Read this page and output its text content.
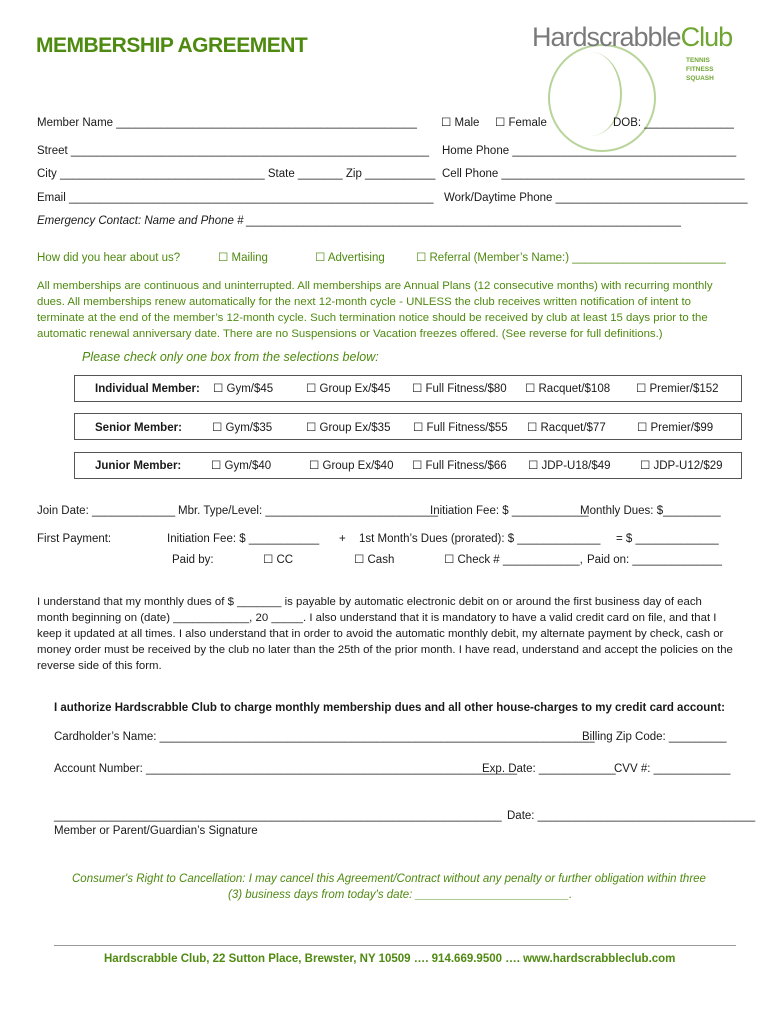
MEMBERSHIP AGREEMENT	HardscrabbleClub
TENNIS
FITNESS
SQUASH
Member Name _______________________________________________ ☐ Male ☐ Female	DOB: ______________
Street ________________________________________________________ Home Phone ___________________________________
City ________________________________ State _______ Zip ___________ Cell Phone ______________________________________
Email _________________________________________________________ Work/Daytime Phone ______________________________
Emergency Contact: Name and Phone # ____________________________________________________________________
How did you hear about us?	☐ Mailing	☐ Advertising	☐ Referral (Member’s Name:) ________________________
All memberships are continuous and uninterrupted. All memberships are Annual Plans (12 consecutive months) with recurring monthly dues. All memberships renew automatically for the next 12-month cycle - UNLESS the club receives written notification of intent to terminate at the end of the member’s 12-month cycle. Such termination notice should be received by club at least 15 days prior to the automatic renewal anniversary date. There are no Suspensions or Vacation freezes offered. (See reverse for full definitions.)
Please check only one box from the selections below:
Individual Member: ☐ Gym/$45	☐ Group Ex/$45 ☐ Full Fitness/$80 ☐ Racquet/$108 ☐ Premier/$152
Senior Member:	☐ Gym/$35	☐ Group Ex/$35 ☐ Full Fitness/$55 ☐ Racquet/$77	☐ Premier/$99
Junior Member:	☐ Gym/$40	☐ Group Ex/$40 ☐ Full Fitness/$66 ☐ JDP-U18/$49	☐ JDP-U12/$29
Join Date: _____________ Mbr. Type/Level: ___________________________
Initiation Fee: $ ____________
Monthly Dues: $_________
First Payment:	Initiation Fee: $ ___________ + 1st Month’s Dues (prorated): $ _____________ = $ _____________
Paid by:	☐ CC	☐ Cash	☐ Check # ____________, Paid on: ______________
I understand that my monthly dues of $ _______ is payable by automatic electronic debit on or around the first business day of each month beginning on (date) ____________, 20 _____. I also understand that it is mandatory to have a valid credit card on file, and that I keep it updated at all times. I also understand that in order to avoid the automatic monthly debit, my alternate payment by check, cash or money order must be received by the club no later than the 25th of the prior month. I have read, understand and accept the policies on the reverse side of this form.
I authorize Hardscrabble Club to charge monthly membership dues and all other house-charges to my credit card account:
Cardholder’s Name: ____________________________________________________________________
Billing Zip Code: _________
Account Number: __________________________________________________________
Exp. Date: ____________
CVV #: ____________
______________________________________________________________________ Date: __________________________________
Member or Parent/Guardian’s Signature
Consumer's Right to Cancellation: I may cancel this Agreement/Contract without any penalty or further obligation within three
(3) business days from today's date: ________________________.
Hardscrabble Club, 22 Sutton Place, Brewster, NY 10509 …. 914.669.9500 …. www.hardscrabbleclub.com
